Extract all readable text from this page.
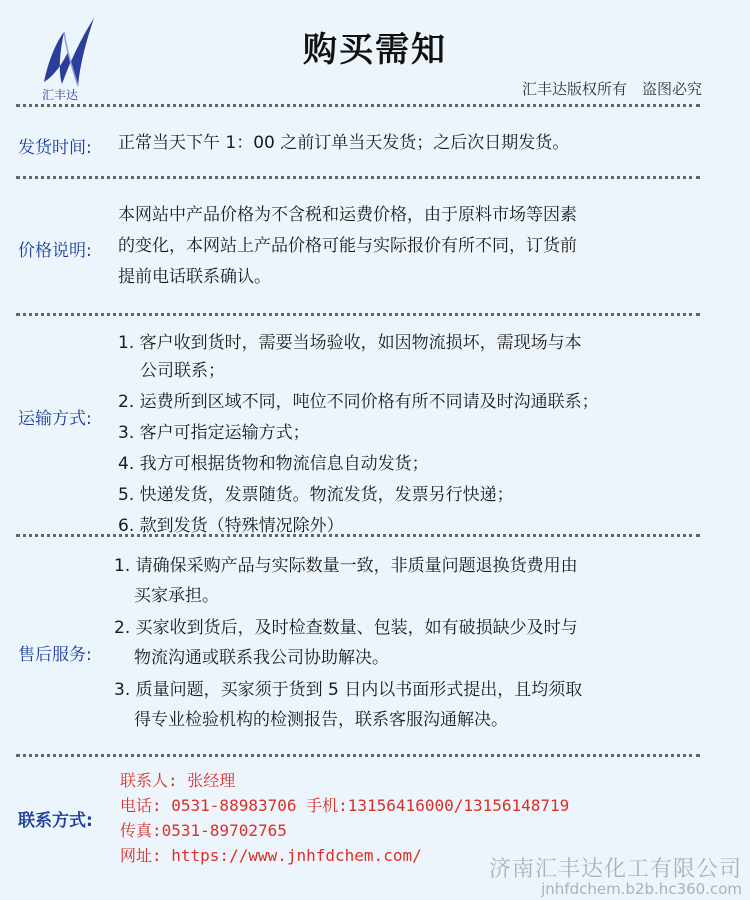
汇丰达
购买需知
汇丰达版权所有　盗图必究
发货时间: 正常当天下午 1：00 之前订单当天发货；之后次日期发货。
价格说明:
本网站中产品价格为不含税和运费价格，由于原料市场等因素
的变化，本网站上产品价格可能与实际报价有所不同，订货前
提前电话联系确认。
运输方式:
1. 客户收到货时，需要当场验收，如因物流损坏，需现场与本
公司联系；
2. 运费所到区域不同，吨位不同价格有所不同请及时沟通联系；
3. 客户可指定运输方式；
4. 我方可根据货物和物流信息自动发货；
5. 快递发货，发票随货。物流发货，发票另行快递；
6. 款到发货（特殊情况除外）
售后服务:
1. 请确保采购产品与实际数量一致，非质量问题退换货费用由
买家承担。
2. 买家收到货后，及时检查数量、包装，如有破损缺少及时与
物流沟通或联系我公司协助解决。
3. 质量问题，买家须于货到 5 日内以书面形式提出，且均须取
得专业检验机构的检测报告，联系客服沟通解决。
联系方式:
联系人: 张经理
电话: 0531-88983706 手机:13156416000/13156148719
传真:0531-89702765
网址: https://www.jnhfdchem.com/
济南汇丰达化工有限公司
jnhfdchem.b2b.hc360.com
